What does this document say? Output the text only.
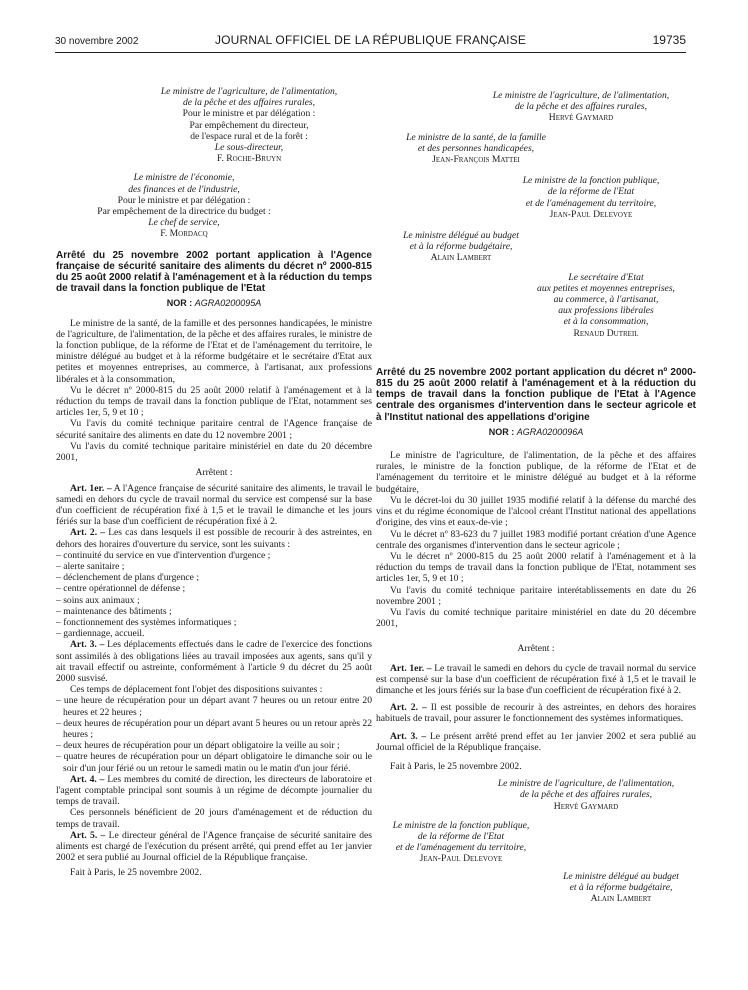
30 novembre 2002	JOURNAL OFFICIEL DE LA RÉPUBLIQUE FRANÇAISE	19735

Le ministre de l'agriculture, de l'alimentation,

de la pêche et des affaires rurales,

Pour le ministre et par délégation :

Par empêchement du directeur,

de l'espace rural et de la forêt :

Le sous-directeur,

F. Roche-Bruyn

Le ministre de l'économie,

des finances et de l'industrie,

Pour le ministre et par délégation :

Par empêchement de la directrice du budget :

Le chef de service,

F. Mordacq

Arrêté du 25 novembre 2002 portant application à l'Agence française de sécurité sanitaire des aliments du décret nº 2000-815 du 25 août 2000 relatif à l'aménagement et à la réduction du temps de travail dans la fonction publique de l'Etat

NOR : AGRA0200095A

Le ministre de la santé, de la famille et des personnes handicapées, le ministre de l'agriculture, de l'alimentation, de la pêche et des affaires rurales, le ministre de la fonction publique, de la réforme de l'Etat et de l'aménagement du territoire, le ministre délégué au budget et à la réforme budgétaire et le secrétaire d'Etat aux petites et moyennes entreprises, au commerce, à l'artisanat, aux professions libérales et à la consommation,

Vu le décret nº 2000-815 du 25 août 2000 relatif à l'aménagement et à la réduction du temps de travail dans la fonction publique de l'Etat, notamment ses articles 1er, 5, 9 et 10 ;

Vu l'avis du comité technique paritaire central de l'Agence française de sécurité sanitaire des aliments en date du 12 novembre 2001 ;

Vu l'avis du comité technique paritaire ministériel en date du 20 décembre 2001,

Arrêtent :

Art. 1er. – A l'Agence française de sécurité sanitaire des aliments, le travail le samedi en dehors du cycle de travail normal du service est compensé sur la base d'un coefficient de récupération fixé à 1,5 et le travail le dimanche et les jours fériés sur la base d'un coefficient de récupération fixé à 2.

Art. 2. – Les cas dans lesquels il est possible de recourir à des astreintes, en dehors des horaires d'ouverture du service, sont les suivants :

– continuité du service en vue d'intervention d'urgence ;

– alerte sanitaire ;

– déclenchement de plans d'urgence ;

– centre opérationnel de défense ;

– soins aux animaux ;

– maintenance des bâtiments ;

– fonctionnement des systèmes informatiques ;

– gardiennage, accueil.

Art. 3. – Les déplacements effectués dans le cadre de l'exercice des fonctions sont assimilés à des obligations liées au travail imposées aux agents, sans qu'il y ait travail effectif ou astreinte, conformément à l'article 9 du décret du 25 août 2000 susvisé.

Ces temps de déplacement font l'objet des dispositions suivantes :

– une heure de récupération pour un départ avant 7 heures ou un retour entre 20 heures et 22 heures ;

– deux heures de récupération pour un départ avant 5 heures ou un retour après 22 heures ;

– deux heures de récupération pour un départ obligatoire la veille au soir ;

– quatre heures de récupération pour un départ obligatoire le dimanche soir ou le soir d'un jour férié ou un retour le samedi matin ou le matin d'un jour férié.

Art. 4. – Les membres du comité de direction, les directeurs de laboratoire et l'agent comptable principal sont soumis à un régime de décompte journalier du temps de travail.

Ces personnels bénéficient de 20 jours d'aménagement et de réduction du temps de travail.

Art. 5. – Le directeur général de l'Agence française de sécurité sanitaire des aliments est chargé de l'exécution du présent arrêté, qui prend effet au 1er janvier 2002 et sera publié au Journal officiel de la République française.

Fait à Paris, le 25 novembre 2002.

Le ministre de l'agriculture, de l'alimentation,

de la pêche et des affaires rurales,

Hervé Gaymard

Le ministre de la santé, de la famille

et des personnes handicapées,

Jean-François Mattei

Le ministre de la fonction publique,

de la réforme de l'Etat

et de l'aménagement du territoire,

Jean-Paul Delevoye

Le ministre délégué au budget

et à la réforme budgétaire,

Alain Lambert

Le secrétaire d'Etat

aux petites et moyennes entreprises,

au commerce, à l'artisanat,

aux professions libérales

et à la consommation,

Renaud Dutreil

Arrêté du 25 novembre 2002 portant application du décret nº 2000-815 du 25 août 2000 relatif à l'aménagement et à la réduction du temps de travail dans la fonction publique de l'Etat à l'Agence centrale des organismes d'intervention dans le secteur agricole et à l'Institut national des appellations d'origine

NOR : AGRA0200096A

Le ministre de l'agriculture, de l'alimentation, de la pêche et des affaires rurales, le ministre de la fonction publique, de la réforme de l'Etat et de l'aménagement du territoire et le ministre délégué au budget et à la réforme budgétaire,

Vu le décret-loi du 30 juillet 1935 modifié relatif à la défense du marché des vins et du régime économique de l'alcool créant l'Institut national des appellations d'origine, des vins et eaux-de-vie ;

Vu le décret nº 83-623 du 7 juillet 1983 modifié portant création d'une Agence centrale des organismes d'intervention dans le secteur agricole ;

Vu le décret nº 2000-815 du 25 août 2000 relatif à l'aménagement et à la réduction du temps de travail dans la fonction publique de l'Etat, notamment ses articles 1er, 5, 9 et 10 ;

Vu l'avis du comité technique paritaire interétablissements en date du 26 novembre 2001 ;

Vu l'avis du comité technique paritaire ministériel en date du 20 décembre 2001,

Arrêtent :

Art. 1er. – Le travail le samedi en dehors du cycle de travail normal du service est compensé sur la base d'un coefficient de récupération fixé à 1,5 et le travail le dimanche et les jours fériés sur la base d'un coefficient de récupération fixé à 2.

Art. 2. – Il est possible de recourir à des astreintes, en dehors des horaires habituels de travail, pour assurer le fonctionnement des systèmes informatiques.

Art. 3. – Le présent arrêté prend effet au 1er janvier 2002 et sera publié au Journal officiel de la République française.

Fait à Paris, le 25 novembre 2002.

Le ministre de l'agriculture, de l'alimentation,

de la pêche et des affaires rurales,

Hervé Gaymard

Le ministre de la fonction publique,

de la réforme de l'Etat

et de l'aménagement du territoire,

Jean-Paul Delevoye

Le ministre délégué au budget

et à la réforme budgétaire,

Alain Lambert
